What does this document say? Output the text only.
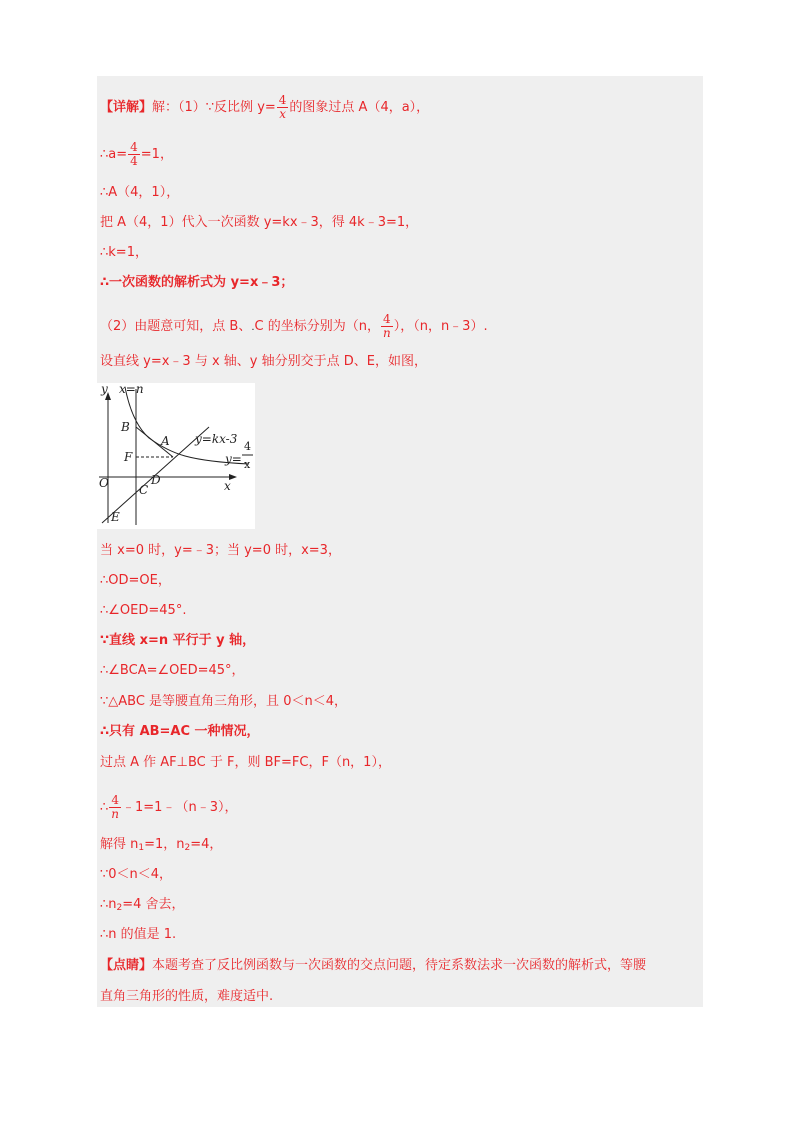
【详解】解：（1）∵反比例 $y= \frac{4}{x}$ 的图象过点 A（4，a），
∴a= $\frac{4}{4} =1$，
∴A（4，1），
把 A（4，1）代入一次函数 y=kx﹣3，得 4k﹣3=1，
∴k=1，
∴一次函数的解析式为 y=x﹣3；
（2）由题意可知，点 B、.C 的坐标分别为（n， $\frac{4}{n}$ ），（n，n﹣3）.
设直线 y=x﹣3 与 x 轴、y 轴分别交于点 D、E，如图，
y x=n
B
A y=kx-3
F	y=
4
x
O	C
D	x
E
当 x=0 时，y=﹣3；当 y=0 时，x=3，
∴OD=OE，
∴∠OED=45°.
∵直线 x=n 平行于 y 轴，
∴∠BCA=∠OED=45°，
∵△ABC 是等腰直角三角形，且 0＜n＜4，
∴只有 AB=AC 一种情况，
过点 A 作 AF⊥BC 于 F，则 BF=FC，F（n，1），
∴ $\frac{4}{n}$ ﹣1=1﹣（n﹣3），
解得 n1=1，n2=4，
∵0＜n＜4，
∴n2=4 舍去，
∴n 的值是 1.
【点睛】本题考查了反比例函数与一次函数的交点问题，待定系数法求一次函数的解析式，等腰
直角三角形的性质，难度适中.
